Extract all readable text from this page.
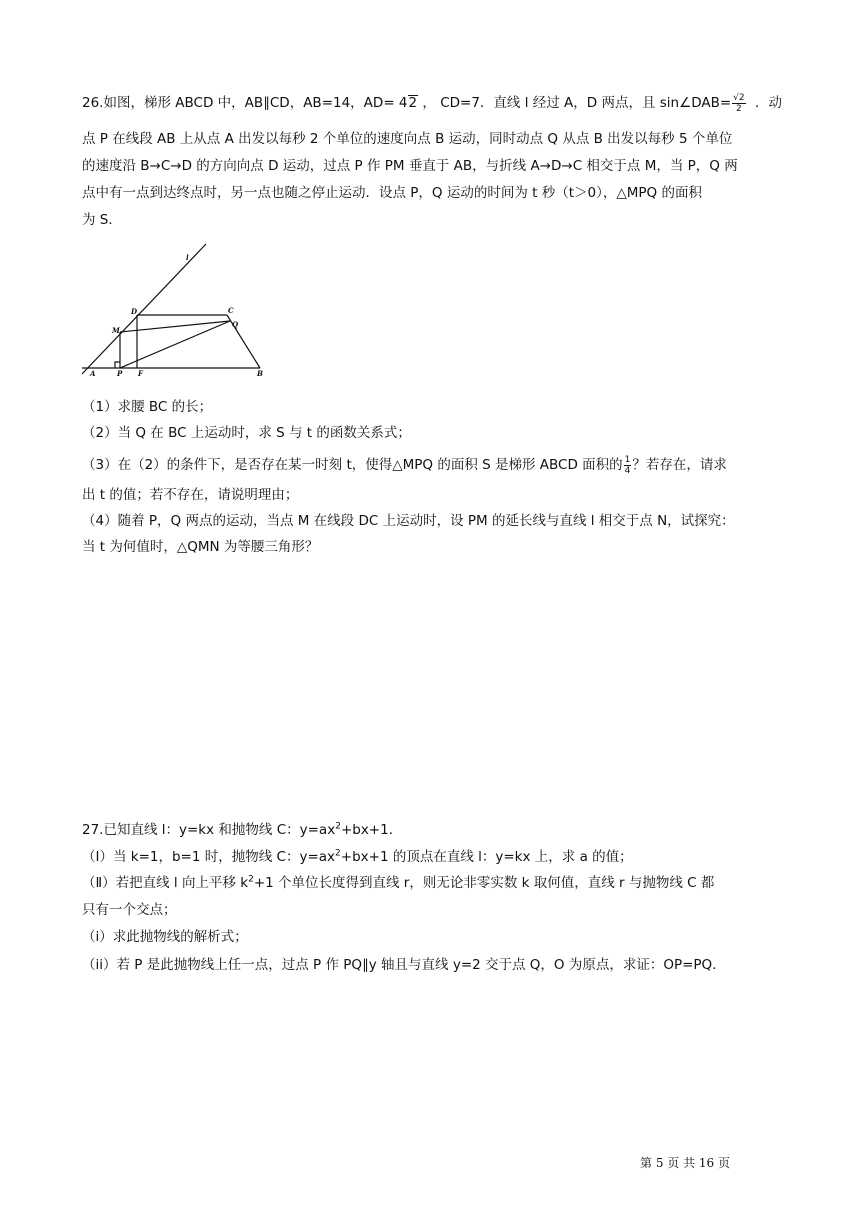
26.如图，梯形 ABCD 中，AB∥CD，AB=14，AD= 42 ， CD=7．直线 l 经过 A，D 两点，且 sin∠DAB= $\frac{√2}{2}$ ．动
点 P 在线段 AB 上从点 A 出发以每秒 2 个单位的速度向点 B 运动，同时动点 Q 从点 B 出发以每秒 5 个单位
的速度沿 B→C→D 的方向向点 D 运动，过点 P 作 PM 垂直于 AB，与折线 A→D→C 相交于点 M，当 P，Q 两
点中有一点到达终点时，另一点也随之停止运动．设点 P，Q 运动的时间为 t 秒（t＞0），△MPQ 的面积
为 S．
（1）求腰 BC 的长；
（2）当 Q 在 BC 上运动时，求 S 与 t 的函数关系式；
（3）在（2）的条件下，是否存在某一时刻 t，使得△MPQ 的面积 S 是梯形 ABCD 面积的 $\frac{1}{4}$ ？若存在，请求
出 t 的值；若不存在，请说明理由；
（4）随着 P，Q 两点的运动，当点 M 在线段 DC 上运动时，设 PM 的延长线与直线 l 相交于点 N，试探究：
当 t 为何值时，△QMN 为等腰三角形？
l
D	C
Q
M
A	P F	B
27.已知直线 l：y=kx 和抛物线 C：$y=ax^2+bx+1$．
（Ⅰ）当 k=1，b=1 时，抛物线 C：$y=ax^2+bx+1$ 的顶点在直线 l：y=kx 上，求 a 的值；
（Ⅱ）若把直线 l 向上平移 $k^2+1$ 个单位长度得到直线 r，则无论非零实数 k 取何值，直线 r 与抛物线 C 都
只有一个交点；
（i）求此抛物线的解析式；
（ii）若 P 是此抛物线上任一点，过点 P 作 PQ∥y 轴且与直线 y=2 交于点 Q，O 为原点，求证：OP=PQ．
第 5 页 共 16 页
